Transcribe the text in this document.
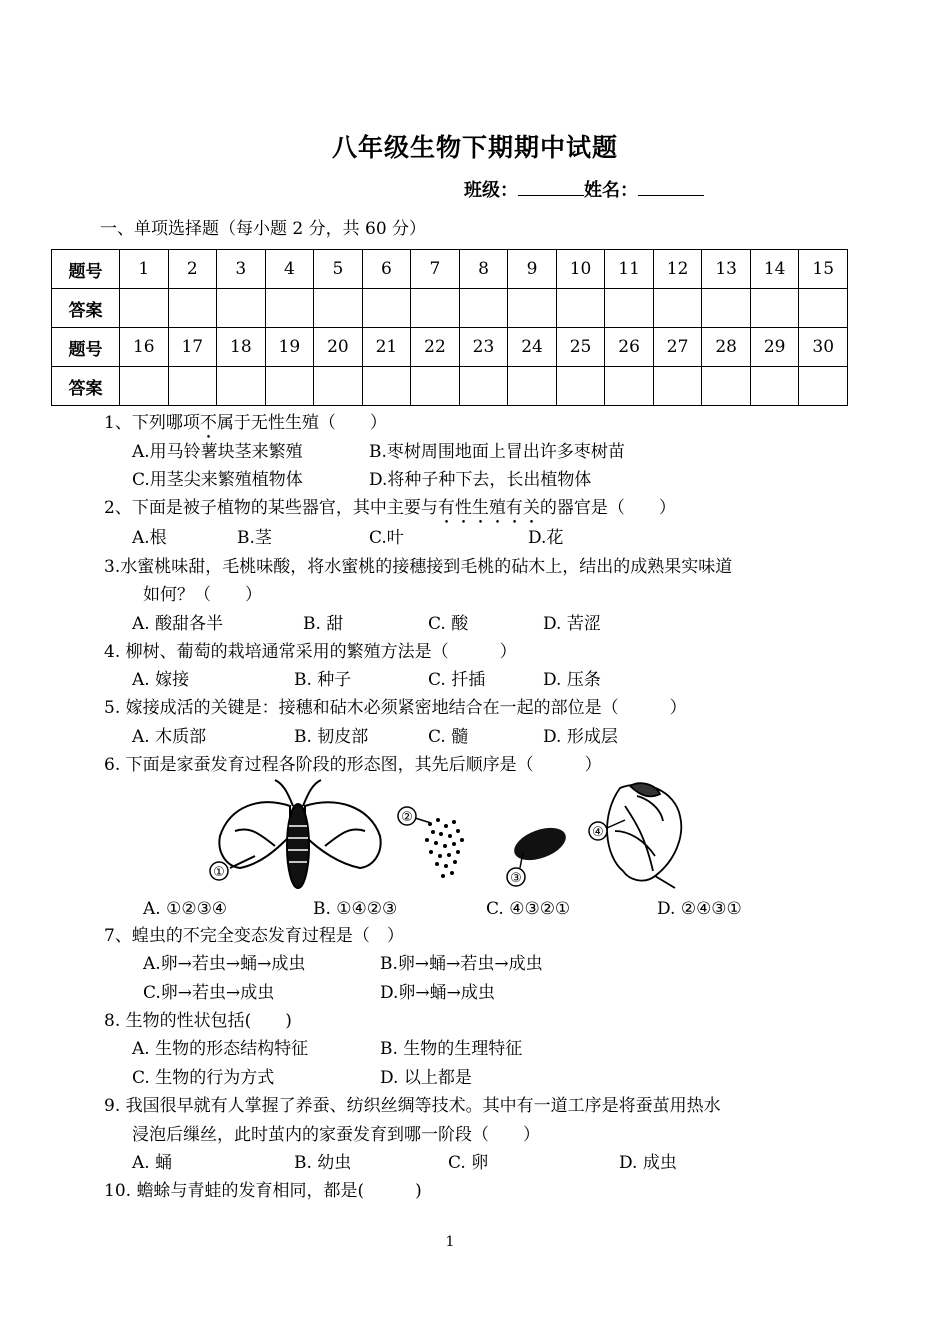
八年级生物下期期中试题
班级：	姓名：
一、单项选择题（每小题 2 分，共 60 分）
题号	1	2	3	4	5	6	7	8	9	10	11	12	13	14	15
答案															
题号	16	17	18	19	20	21	22	23	24	25	26	27	28	29	30
答案															
1、下列哪项不属于无性生殖（　　）
A.用马铃薯块茎来繁殖	B.枣树周围地面上冒出许多枣树苗
C.用茎尖来繁殖植物体	D.将种子种下去，长出植物体
2、下面是被子植物的某些器官，其中主要与有性生殖有关的器官是（　　）
A.根	B.茎	C.叶	D.花
3.水蜜桃味甜，毛桃味酸，将水蜜桃的接穗接到毛桃的砧木上，结出的成熟果实味道
如何？（　　）
A. 酸甜各半	B. 甜	C. 酸	D. 苦涩
4. 柳树、葡萄的栽培通常采用的繁殖方法是（　　　）
A. 嫁接	B. 种子	C. 扦插	D. 压条
5. 嫁接成活的关键是：接穗和砧木必须紧密地结合在一起的部位是（　　　）
A. 木质部	B. 韧皮部	C. 髓	D. 形成层
6. 下面是家蚕发育过程各阶段的形态图，其先后顺序是（　　　）
①
②
③
④
A. ①②③④	B. ①④②③	C. ④③②①	D. ②④③①
7、蝗虫的不完全变态发育过程是（　）
A.卵→若虫→蛹→成虫	B.卵→蛹→若虫→成虫
C.卵→若虫→成虫	D.卵→蛹→成虫
8. 生物的性状包括(　　)
A. 生物的形态结构特征	B. 生物的生理特征
C. 生物的行为方式	D. 以上都是
9. 我国很早就有人掌握了养蚕、纺织丝绸等技术。其中有一道工序是将蚕茧用热水
浸泡后缫丝，此时茧内的家蚕发育到哪一阶段（　　）
A. 蛹	B. 幼虫	C. 卵	D. 成虫
10. 蟾蜍与青蛙的发育相同，都是(　　　)
1
